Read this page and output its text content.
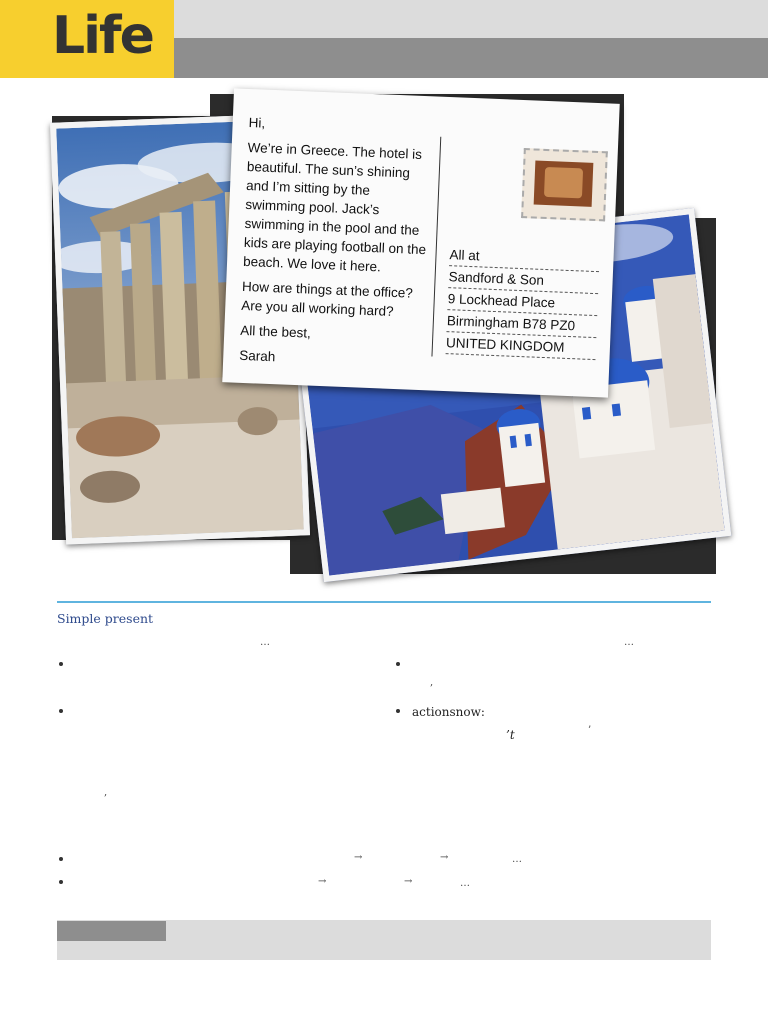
Life

Hi,

We’re in Greece. The hotel is beautiful. The sun’s shining and I’m sitting by the swimming pool. Jack’s swimming in the pool and the kids are playing football on the beach. We love it here.

How are things at the office? Are you all working hard?

All the best,

Sarah

All at
Sandford & Son
9 Lockhead Place
Birmingham B78 PZ0
UNITED KINGDOM
Simple present
…	…
,
actionsnow:
’t	’
,
→	→	…
→	→	…
